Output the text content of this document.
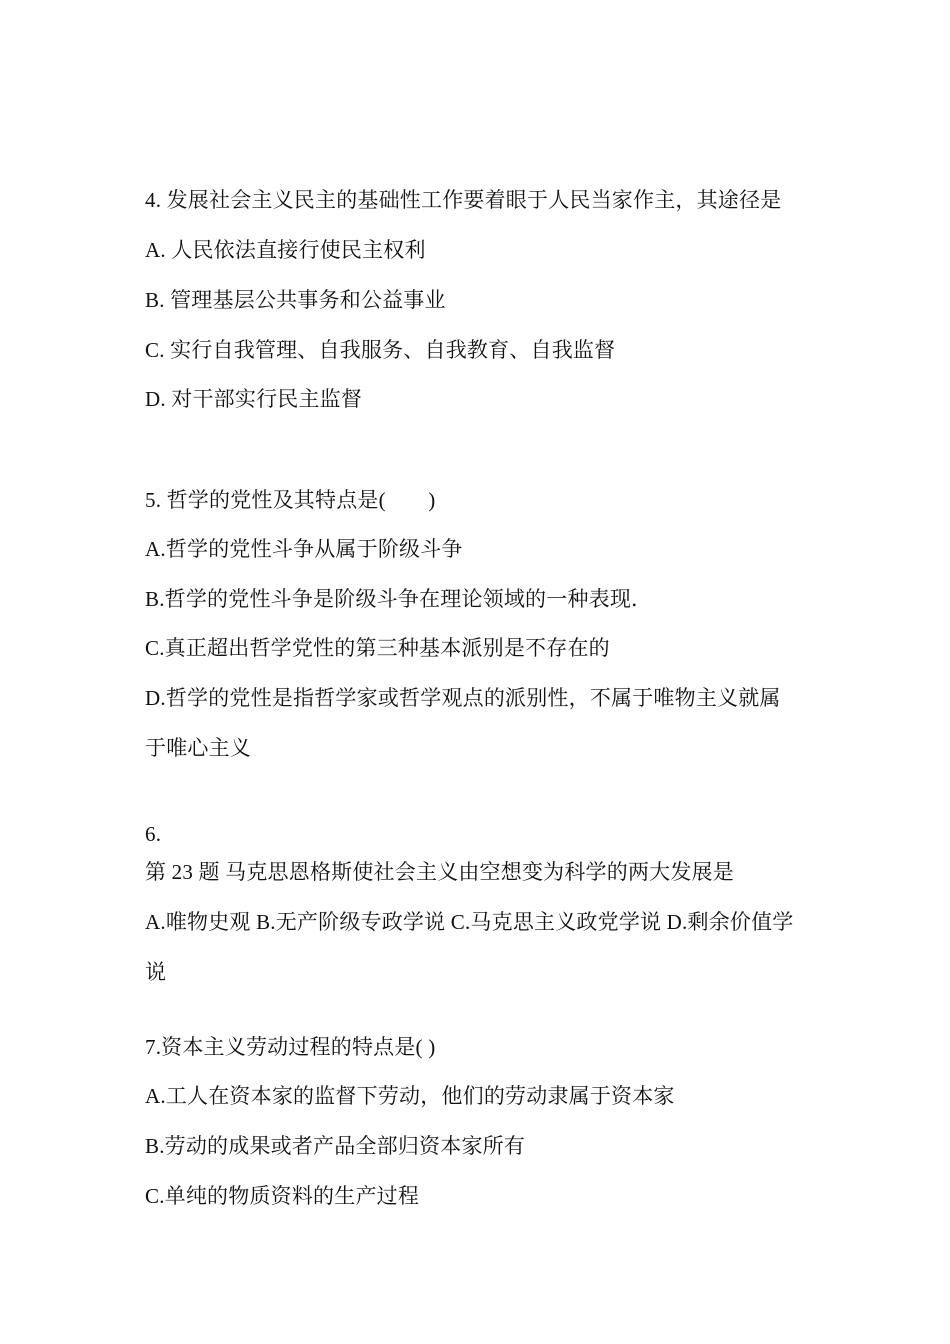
4. 发展社会主义民主的基础性工作要着眼于人民当家作主，其途径是
A. 人民依法直接行使民主权利
B. 管理基层公共事务和公益事业
C. 实行自我管理、自我服务、自我教育、自我监督
D. 对干部实行民主监督
5. 哲学的党性及其特点是(　　)
A.哲学的党性斗争从属于阶级斗争
B.哲学的党性斗争是阶级斗争在理论领域的一种表现．
C.真正超出哲学党性的第三种基本派别是不存在的
D.哲学的党性是指哲学家或哲学观点的派别性，不属于唯物主义就属
于唯心主义
6.
第 23 题 马克思恩格斯使社会主义由空想变为科学的两大发展是
A.唯物史观 B.无产阶级专政学说 C.马克思主义政党学说 D.剩余价值学
说
7.资本主义劳动过程的特点是( )
A.工人在资本家的监督下劳动，他们的劳动隶属于资本家
B.劳动的成果或者产品全部归资本家所有
C.单纯的物质资料的生产过程
